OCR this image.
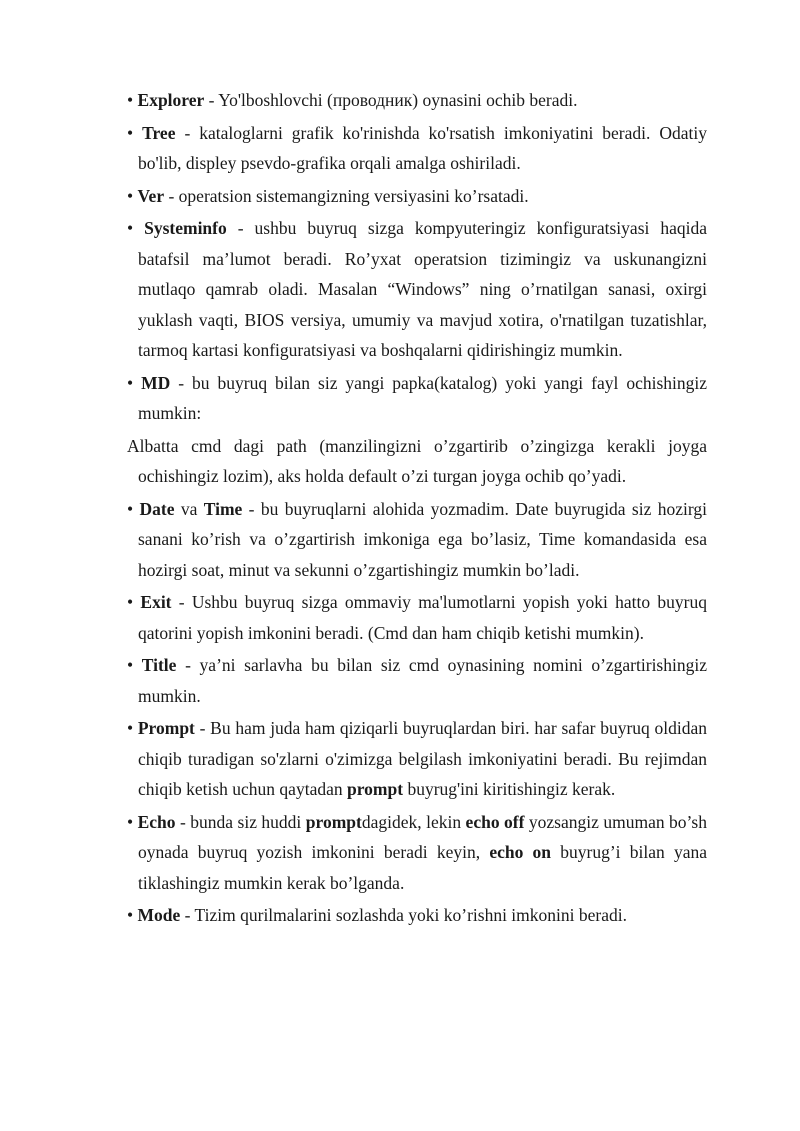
• Explorer - Yo'lboshlovchi (проводник) oynasini ochib beradi.

• Tree - kataloglarni grafik ko'rinishda ko'rsatish imkoniyatini beradi. Odatiy bo'lib, displey psevdo-grafika orqali amalga oshiriladi.

• Ver - operatsion sistemangizning versiyasini ko’rsatadi.

• Systeminfo - ushbu buyruq sizga kompyuteringiz konfiguratsiyasi haqida batafsil ma’lumot beradi. Ro’yxat operatsion tizimingiz va uskunangizni mutlaqo qamrab oladi. Masalan “Windows” ning o’rnatilgan sanasi, oxirgi yuklash vaqti, BIOS versiya, umumiy va mavjud xotira, o'rnatilgan tuzatishlar, tarmoq kartasi konfiguratsiyasi va boshqalarni qidirishingiz mumkin.

• MD - bu buyruq bilan siz yangi papka(katalog) yoki yangi fayl ochishingiz mumkin:

Albatta cmd dagi path (manzilingizni o’zgartirib o’zingizga kerakli joyga ochishingiz lozim), aks holda default o’zi turgan joyga ochib qo’yadi.

• Date va Time - bu buyruqlarni alohida yozmadim. Date buyrugida siz hozirgi sanani ko’rish va o’zgartirish imkoniga ega bo’lasiz, Time komandasida esa hozirgi soat, minut va sekunni o’zgartishingiz mumkin bo’ladi.

• Exit - Ushbu buyruq sizga ommaviy ma'lumotlarni yopish yoki hatto buyruq qatorini yopish imkonini beradi. (Cmd dan ham chiqib ketishi mumkin).

• Title - ya’ni sarlavha bu bilan siz cmd oynasining nomini o’zgartirishingiz mumkin.

• Prompt - Bu ham juda ham qiziqarli buyruqlardan biri. har safar buyruq oldidan chiqib turadigan so'zlarni o'zimizga belgilash imkoniyatini beradi. Bu rejimdan chiqib ketish uchun qaytadan prompt buyrug'ini kiritishingiz kerak.

• Echo - bunda siz huddi promptdagidek, lekin echo off yozsangiz umuman bo’sh oynada buyruq yozish imkonini beradi keyin, echo on buyrug’i bilan yana tiklashingiz mumkin kerak bo’lganda.

• Mode - Tizim qurilmalarini sozlashda yoki ko’rishni imkonini beradi.
